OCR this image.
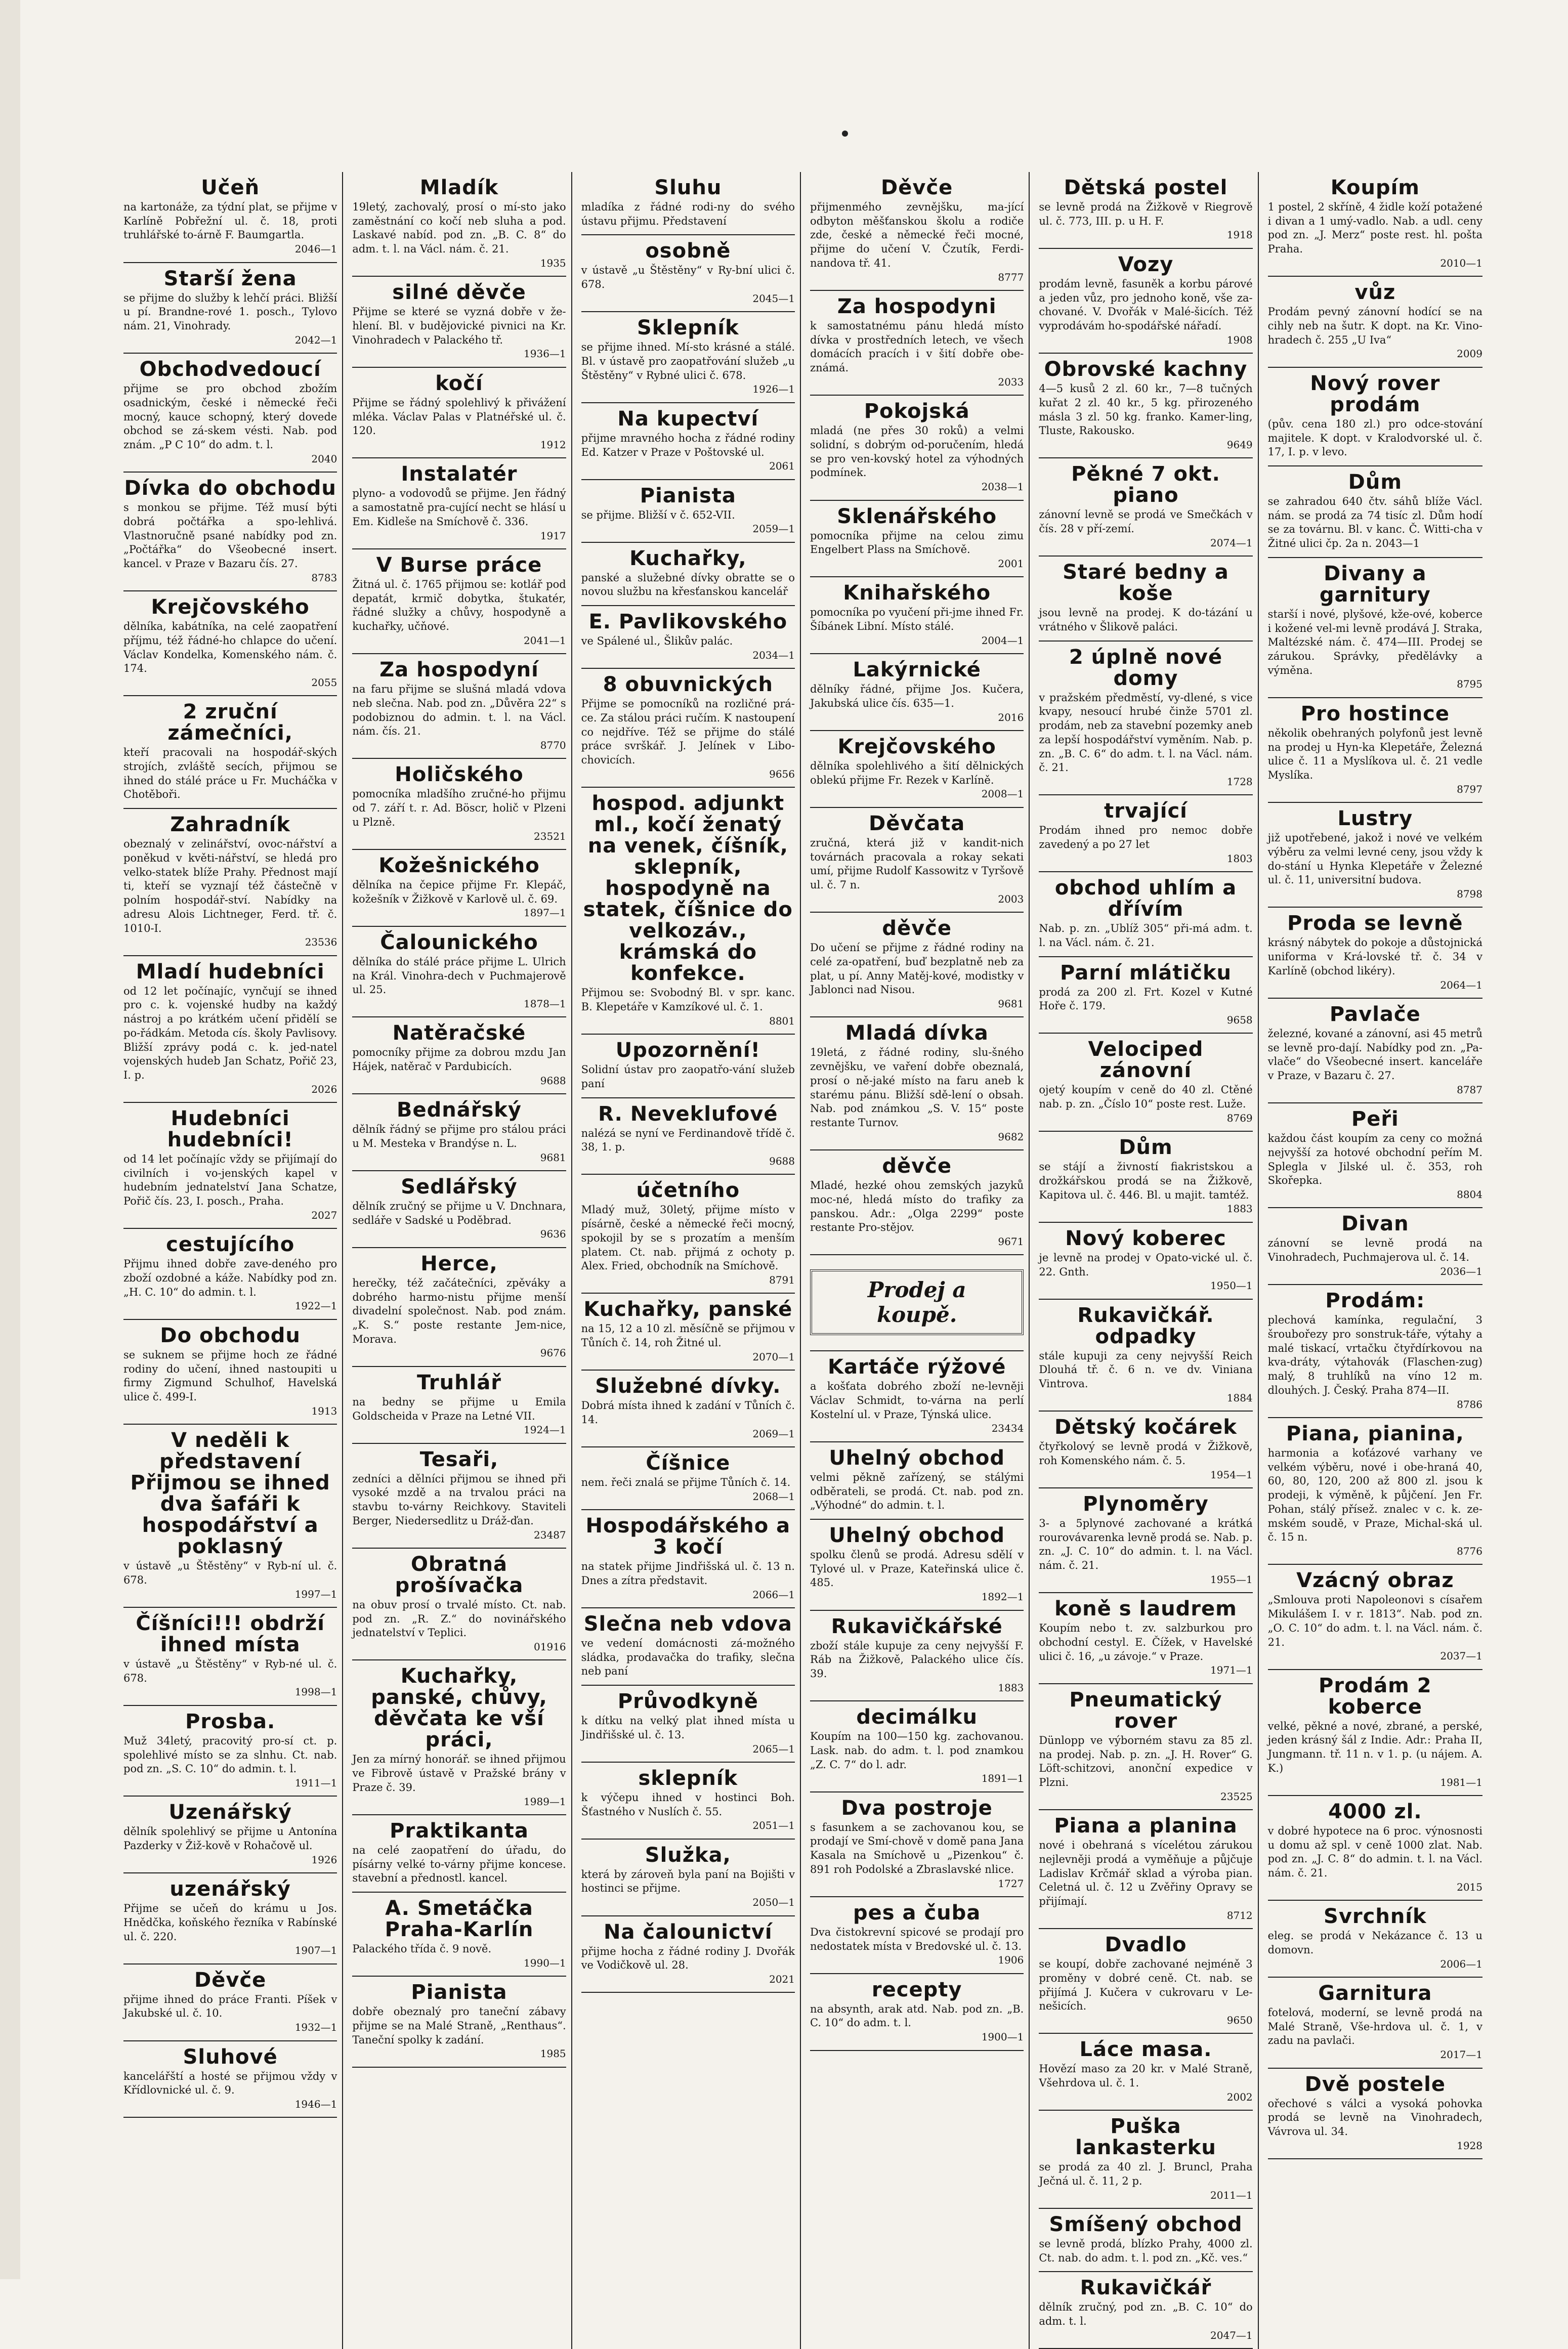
Učeň

na kartonáže, za týdní plat, se přijme v Karlíně Pobřežní ul. č. 18, proti truhlářské to-árně F. Baumgartla.
2046—1

Starší žena

se přijme do služby k lehčí práci. Bližší u pí. Brandne-rové 1. posch., Tylovo nám. 21, Vinohrady.
2042—1

Obchodvedoucí

přijme se pro obchod zbožím osadnickým, české i německé řeči mocný, kauce schopný, který dovede obchod se zá-skem vésti. Nab. pod znám. „P C 10“ do adm. t. l.
2040

Dívka do obchodu

s monkou se přijme. Též musí býti dobrá počtářka a spo-lehlivá. Vlastnoručně psané nabídky pod zn. „Počtářka“ do Všeobecné insert. kancel. v Praze v Bazaru čís. 27.
8783

Krejčovského

dělníka, kabátníka, na celé zaopatření příjmu, též řádné-ho chlapce do učení. Václav Kondelka, Komenského nám. č. 174.
2055

2 zruční zámečníci,

kteří pracovali na hospodář-ských strojích, zvláště secích, přijmou se ihned do stálé práce u Fr. Mucháčka v Chotěboři.

Zahradník

obeznalý v zelinářství, ovoc-nářství a poněkud v květi-nářství, se hledá pro velko-statek blíže Prahy. Přednost mají ti, kteří se vyznají též částečně v polním hospodář-ství. Nabídky na adresu Alois Lichtneger, Ferd. tř. č. 1010-I.
23536

Mladí hudebníci

od 12 let počínajíc, vynčují se ihned pro c. k. vojenské hudby na každý nástroj a po krátkém učení přidělí se po-řádkám. Metoda cís. školy Pavlisovy. Bližší zprávy podá c. k. jed-natel vojenských hudeb Jan Schatz, Pořič 23, I. p.
2026

Hudebníci hudebníci!

od 14 let počínajíc vždy se přijímají do civilních i vo-jenských kapel v hudebním jednatelství Jana Schatze, Pořič čís. 23, I. posch., Praha.
2027

cestujícího

Přijmu ihned dobře zave-deného pro zboží ozdobné a káže. Nabídky pod zn. „H. C. 10“ do admin. t. l.
1922—1

Do obchodu

se suknem se přijme hoch ze řádné rodiny do učení, ihned nastoupiti u firmy Zigmund Schulhof, Havelská ulice č. 499-I.
1913

V neděli k představení Přijmou se ihned dva šafáři k hospodářství a poklasný

v ústavě „u Štěstěny“ v Ryb-ní ul. č. 678.
1997—1

Číšníci!!! obdrží ihned místa

v ústavě „u Štěstěny“ v Ryb-né ul. č. 678.
1998—1

Prosba.

Muž 34letý, pracovitý pro-sí ct. p. spolehlivé místo se za slnhu. Ct. nab. pod zn. „S. C. 10“ do admin. t. l.
1911—1

Uzenářský

dělník spolehlivý se přijme u Antonína Pazderky v Žiž-kově v Rohačově ul.
1926

uzenářský

Přijme se učeň do krámu u Jos. Hnědčka, koňského řezníka v Rabínské ul. č. 220.
1907—1

Děvče

přijme ihned do práce Franti. Píšek v Jakubské ul. č. 10.
1932—1

Sluhové

kancelářští a hosté se přijmou vždy v Křídlovnické ul. č. 9.
1946—1

Mladík

19letý, zachovalý, prosí o mí-sto jako zaměstnání co kočí neb sluha a pod. Laskavé nabíd. pod zn. „B. C. 8“ do adm. t. l. na Václ. nám. č. 21.
1935

silné děvče

Přijme se které se vyzná dobře v že-hlení. Bl. v budějovické pivnici na Kr. Vinohradech v Palackého tř.
1936—1

kočí

Přijme se řádný spolehlivý k přivážení mléka. Václav Palas v Platnéřské ul. č. 120.
1912

Instalatér

plyno- a vodovodů se přijme. Jen řádný a samostatně pra-cující necht se hlásí u Em. Kidleše na Smíchově č. 336.
1917

V Burse práce

Žitná ul. č. 1765 přijmou se: kotlář pod depatát, krmič dobytka, štukatér, řádné služky a chůvy, hospodyně a kuchařky, učňové.
2041—1

Za hospodyní

na faru přijme se slušná mladá vdova neb slečna. Nab. pod zn. „Důvěra 22“ s podobiznou do admin. t. l. na Václ. nám. čís. 21.
8770

Holičského

pomocníka mladšího zručné-ho přijmu od 7. září t. r. Ad. Böscr, holič v Plzeni u Plzně.
23521

Kožešnického

dělníka na čepice přijme Fr. Klepáč, kožešník v Žižkově v Karlově ul. č. 69.
1897—1

Čalounického

dělníka do stálé práce přijme L. Ulrich na Král. Vinohra-dech v Puchmajerově ul. 25.
1878—1

Natěračské

pomocníky přijme za dobrou mzdu Jan Hájek, natěrač v Pardubicích.
9688

Bednářský

dělník řádný se přijme pro stálou práci u M. Mesteka v Brandýse n. L.
9681

Sedlářský

dělník zručný se přijme u V. Dnchnara, sedláře v Sadské u Poděbrad.
9636

Herce,

herečky, též začátečníci, zpěváky a dobrého harmo-nistu přijme menší divadelní společnost. Nab. pod znám. „K. S.“ poste restante Jem-nice, Morava.
9676

Truhlář

na bedny se přijme u Emila Goldscheida v Praze na Letné VII.
1924—1

Tesaři,

zedníci a dělníci přijmou se ihned při vysoké mzdě a na trvalou práci na stavbu to-várny Reichkovy. Staviteli Berger, Niedersedlitz u Dráž-ďan.
23487

Obratná prošívačka

na obuv prosí o trvalé místo. Ct. nab. pod zn. „R. Z.“ do novinářského jednatelství v Teplici.
01916

Kuchařky, panské, chůvy, děvčata ke vší práci,

Jen za mírný honorář. se ihned přijmou ve Fibrově ústavě v Pražské brány v Praze č. 39.
1989—1

Praktikanta

na celé zaopatření do úřadu, do písárny velké to-várny přijme koncese. stavební a přednostl. kancel.

A. Smetáčka Praha-Karlín

Palackého třída č. 9 nově.
1990—1

Pianista

dobře obeznalý pro taneční zábavy přijme se na Malé Straně, „Renthaus“. Taneční spolky k zadání.
1985

Sluhu

mladíka z řádné rodi-ny do svého ústavu přijmu. Představení

osobně

v ústavě „u Štěstěny“ v Ry-bní ulici č. 678.
2045—1

Sklepník

se přijme ihned. Mí-sto krásné a stálé. Bl. v ústavě pro zaopatřování služeb „u Štěstěny“ v Rybné ulici č. 678.
1926—1

Na kupectví

přijme mravného hocha z řádné rodiny Ed. Katzer v Praze v Poštovské ul.
2061

Pianista

se přijme. Bližší v č. 652-VII.
2059—1

Kuchařky,

panské a služebné dívky obratte se o novou službu na křesťanskou kancelář

E. Pavlikovského

ve Spálené ul., Šlikův palác.
2034—1

8 obuvnických

Přijme se pomocníků na rozličné prá-ce. Za stálou práci ručím. K nastoupení co nejdříve. Též se přijme do stálé práce svrškář. J. Jelínek v Libo-chovicích.
9656

hospod. adjunkt ml., kočí ženatý na venek, číšník, sklepník, hospodyně na statek, číšnice do velkozáv., krámská do konfekce.

Přijmou se: Svobodný Bl. v spr. kanc. B. Klepetáře v Kamzíkové ul. č. 1.
8801

Upozornění!

Solidní ústav pro zaopatřo-vání služeb paní

R. Neveklufové

nalézá se nyní ve Ferdinandově třídě č. 38, 1. p.
9688

účetního

Mladý muž, 30letý, přijme místo v písárně, české a německé řeči mocný, spokojil by se s prozatím a menším platem. Ct. nab. přijmá z ochoty p. Alex. Fried, obchodník na Smíchově.
8791

Kuchařky, panské

na 15, 12 a 10 zl. měsíčně se přijmou v Tůních č. 14, roh Žitné ul.
2070—1

Služebné dívky.

Dobrá místa ihned k zadání v Tůních č. 14.
2069—1

Číšnice

nem. řeči znalá se přijme Tůních č. 14.
2068—1

Hospodářského a 3 kočí

na statek přijme Jindřišská ul. č. 13 n. Dnes a zítra představit.
2066—1

Slečna neb vdova

ve vedení domácnosti zá-možného sládka, prodavačka do trafiky, slečna neb paní

Průvodkyně

k dítku na velký plat ihned místa u Jindřišské ul. č. 13.
2065—1

sklepník

k výčepu ihned v hostinci Boh. Šťastného v Nuslích č. 55.
2051—1

Služka,

která by zároveň byla paní na Bojišti v hostinci se přijme.
2050—1

Na čalounictví

přijme hocha z řádné rodiny J. Dvořák ve Vodičkově ul. 28.
2021

Děvče

přijmenmého zevnějšku, ma-jící odbyton měšťanskou školu a rodiče zde, české a německé řeči mocné, přijme do učení V. Čzutík, Ferdi-nandova tř. 41.
8777

Za hospodyni

k samostatnému pánu hledá místo dívka v prostředních letech, ve všech domácích pracích i v šití dobře obe-známá.
2033

Pokojská

mladá (ne přes 30 roků) a velmi solidní, s dobrým od-poručením, hledá se pro ven-kovský hotel za výhodných podmínek.
2038—1

Sklenářského

pomocníka přijme na celou zimu Engelbert Plass na Smíchově.
2001

Knihařského

pomocníka po vyučení při-jme ihned Fr. Šíbánek Libní. Místo stálé.
2004—1

Lakýrnické

dělníky řádné, přijme Jos. Kučera, Jakubská ulice čís. 635—1.
2016

Krejčovského

dělníka spolehlivého a šití dělnických oblekú přijme Fr. Rezek v Karlíně.
2008—1

Děvčata

zručná, která již v kandit-nich továrnách pracovala a rokay sekati umí, přijme Rudolf Kassowitz v Tyršově ul. č. 7 n.
2003

děvče

Do učení se přijme z řádné rodiny na celé za-opatření, buď bezplatně neb za plat, u pí. Anny Matěj-kové, modistky v Jablonci nad Nisou.
9681

Mladá dívka

19letá, z řádné rodiny, slu-šného zevnějšku, ve vaření dobře obeznalá, prosí o ně-jaké místo na faru aneb k starému pánu. Bližší sdě-lení o obsah. Nab. pod známkou „S. V. 15“ poste restante Turnov.
9682

děvče

Mladé, hezké ohou zemských jazyků moc-né, hledá místo do trafiky za panskou. Adr.: „Olga 2299“ poste restante Pro-stějov.
9671

Prodej a koupě.
Kartáče rýžové

a košťata dobrého zboží ne-levněji Václav Schmidt, to-várna na perlí Kostelní ul. v Praze, Týnská ulice.
23434

Uhelný obchod

velmi pěkně zařízený, se stálými odběrateli, se prodá. Ct. nab. pod zn. „Výhodné“ do admin. t. l.

Uhelný obchod

spolku členů se prodá. Adresu sdělí v Tylové ul. v Praze, Kateřinská ulice č. 485.
1892—1

Rukavičkářské

zboží stále kupuje za ceny nejvyšší F. Ráb na Žižkově, Palackého ulice čís. 39.
1883

decimálku

Koupím na 100—150 kg. zachovanou. Lask. nab. do adm. t. l. pod znamkou „Z. C. 7“ do l. adr.
1891—1

Dva postroje

s fasunkem a se zachovanou kou, se prodají ve Smí-chově v domě pana Jana Kasala na Smíchově u „Pizenkou“ č. 891 roh Podolské a Zbraslavské nlice.
1727

pes a čuba

Dva čistokrevní spicové se prodají pro nedostatek místa v Bredovské ul. č. 13.
1906

recepty

na absynth, arak atd. Nab. pod zn. „B. C. 10“ do adm. t. l.
1900—1

Dětská postel

se levně prodá na Žižkově v Riegrově ul. č. 773, III. p. u H. F.
1918

Vozy

prodám levně, fasuněk a korbu párové a jeden vůz, pro jednoho koně, vše za-chované. V. Dvořák v Malé-šicích. Též vyprodávám ho-spodářské nářadí.
1908

Obrovské kachny

4—5 kusů 2 zl. 60 kr., 7—8 tučných kuřat 2 zl. 40 kr., 5 kg. přirozeného másla 3 zl. 50 kg. franko. Kamer-ling, Tluste, Rakousko.
9649

Pěkné 7 okt. piano

zánovní levně se prodá ve Smečkách v čís. 28 v pří-zemí.
2074—1

Staré bedny a koše

jsou levně na prodej. K do-tázání u vrátného v Šlikově paláci.

2 úplně nové domy

v pražském předměstí, vy-dlené, s vice kvapy, nesoucí hrubé činže 5701 zl. prodám, neb za stavební pozemky aneb za lepší hospodářství vyměním. Nab. p. zn. „B. C. 6“ do adm. t. l. na Václ. nám. č. 21.
1728

trvající

Prodám ihned pro nemoc dobře zavedený a po 27 let
1803

obchod uhlím a dřívím

Nab. p. zn. „Ublíž 305“ při-má adm. t. l. na Václ. nám. č. 21.

Parní mlátičku

prodá za 200 zl. Frt. Kozel v Kutné Hoře č. 179.
9658

Velociped zánovní

ojetý koupím v ceně do 40 zl. Ctěné nab. p. zn. „Číslo 10“ poste rest. Luže.
8769

Dům

se stájí a živností fiakristskou a drožkářskou prodá se na Žižkově, Kapitova ul. č. 446. Bl. u majit. tamtéž.
1883

Nový koberec

je levně na prodej v Opato-vické ul. č. 22. Gnth.
1950—1

Rukavičkář. odpadky

stále kupuji za ceny nejvyšší Reich Dlouhá tř. č. 6 n. ve dv. Viniana Vintrova.
1884

Dětský kočárek

čtyřkolový se levně prodá v Žižkově, roh Komenského nám. č. 5.
1954—1

Plynoměry

3- a 5plynové zachované a krátká rourovávarenka levně prodá se. Nab. p. zn. „J. C. 10“ do admin. t. l. na Václ. nám. č. 21.
1955—1

koně s laudrem

Koupím nebo t. zv. salzburkou pro obchodní cestyl. E. Čížek, v Havelské ulici č. 16, „u závoje.“ v Praze.
1971—1

Pneumatický rover

Dünlopp ve výborném stavu za 85 zl. na prodej. Nab. p. zn. „J. H. Rover“ G. Löft-schitzovi, anonční expedice v Plzni.
23525

Piana a planina

nové i obehraná s vícelétou zárukou nejlevněji prodá a vyměňuje a půjčuje Ladislav Krčmář sklad a výroba pian. Celetná ul. č. 12 u Zvěřiny Opravy se přijímají.
8712

Dvadlo

se koupí, dobře zachované nejméně 3 proměny v dobré ceně. Ct. nab. se přijímá J. Kučera v cukrovaru v Le-nešicích.
9650

Láce masa.

Hovězí maso za 20 kr. v Malé Straně, Všehrdova ul. č. 1.
2002

Puška lankasterku

se prodá za 40 zl. J. Bruncl, Praha Ječná ul. č. 11, 2 p.
2011—1

Smíšený obchod

se levně prodá, blízko Prahy, 4000 zl. Ct. nab. do adm. t. l. pod zn. „Kč. ves.“

Rukavičkář

dělník zručný, pod zn. „B. C. 10“ do adm. t. l.
2047—1

Koupím

1 postel, 2 skříně, 4 židle koží potažené i divan a 1 umý-vadlo. Nab. a udl. ceny pod zn. „J. Merz“ poste rest. hl. pošta Praha.
2010—1

vůz

Prodám pevný zánovní hodící se na cihly neb na šutr. K dopt. na Kr. Vino-hradech č. 255 „U Iva“
2009

Nový rover prodám

(pův. cena 180 zl.) pro odce-stování majitele. K dopt. v Kralodvorské ul. č. 17, I. p. v levo.

Dům

se zahradou 640 čtv. sáhů blíže Václ. nám. se prodá za 74 tisíc zl. Dům hodí se za továrnu. Bl. v kanc. Č. Witti-cha v Žitné ulici čp. 2a n. 2043—1

Divany a garnitury

starší i nové, plyšové, kže-ové, koberce i kožené vel-mi levně prodává J. Straka, Maltézské nám. č. 474—III. Prodej se zárukou. Správky, předělávky a výměna.
8795

Pro hostince

několik obehraných polyfonů jest levně na prodej u Hyn-ka Klepetáře, Železná ulice č. 11 a Myslíkova ul. č. 21 vedle Myslíka.
8797

Lustry

již upotřebené, jakož i nové ve velkém výběru za velmi levné ceny, jsou vždy k do-stání u Hynka Klepetáře v Železné ul. č. 11, universitní budova.
8798

Proda se levně

krásný nábytek do pokoje a důstojnická uniforma v Krá-lovské tř. č. 34 v Karlíně (obchod likéry).
2064—1

Pavlače

železné, kované a zánovní, asi 45 metrů se levně pro-dají. Nabídky pod zn. „Pa-vlače“ do Všeobecné insert. kanceláře v Praze, v Bazaru č. 27.
8787

Peři

každou část koupím za ceny co možná nejvyšší za hotové obchodní peřím M. Splegla v Jilské ul. č. 353, roh Skořepka.
8804

Divan

zánovní se levně prodá na Vinohradech, Puchmajerova ul. č. 14.
2036—1

Prodám:

plechová kamínka, regulační, 3 šroubořezy pro sonstruk-táře, výtahy a malé tiskací, vrtačku čtyřdírkovou na kva-dráty, výtahovák (Flaschen-zug) malý, 8 truhlíků na víno 12 m. dlouhých. J. Český. Praha 874—II.
8786

Piana, pianina,

harmonia a koťázové varhany ve velkém výběru, nové i obe-hraná 40, 60, 80, 120, 200 až 800 zl. jsou k prodeji, k výměně, k půjčení. Jen Fr. Pohan, stálý přísež. znalec v c. k. ze-mském soudě, v Praze, Michal-ská ul. č. 15 n.
8776

Vzácný obraz

„Smlouva proti Napoleonovi s císařem Mikulášem I. v r. 1813“. Nab. pod zn. „O. C. 10“ do adm. t. l. na Václ. nám. č. 21.
2037—1

Prodám 2 koberce

velké, pěkné a nové, zbrané, a perské, jeden krásný šál z Indie. Adr.: Praha II, Jungmann. tř. 11 n. v 1. p. (u nájem. A. K.)
1981—1

4000 zl.

v dobré hypotece na 6 proc. výnosnosti u domu až spl. v ceně 1000 zlat. Nab. pod zn. „J. C. 8“ do admin. t. l. na Václ. nám. č. 21.
2015

Svrchník

eleg. se prodá v Nekázance č. 13 u domovn.
2006—1

Garnitura

fotelová, moderní, se levně prodá na Malé Straně, Vše-hrdova ul. č. 1, v zadu na pavlači.
2017—1

Dvě postele

ořechové s válci a vysoká pohovka prodá se levně na Vinohradech, Vávrova ul. 34.
1928
